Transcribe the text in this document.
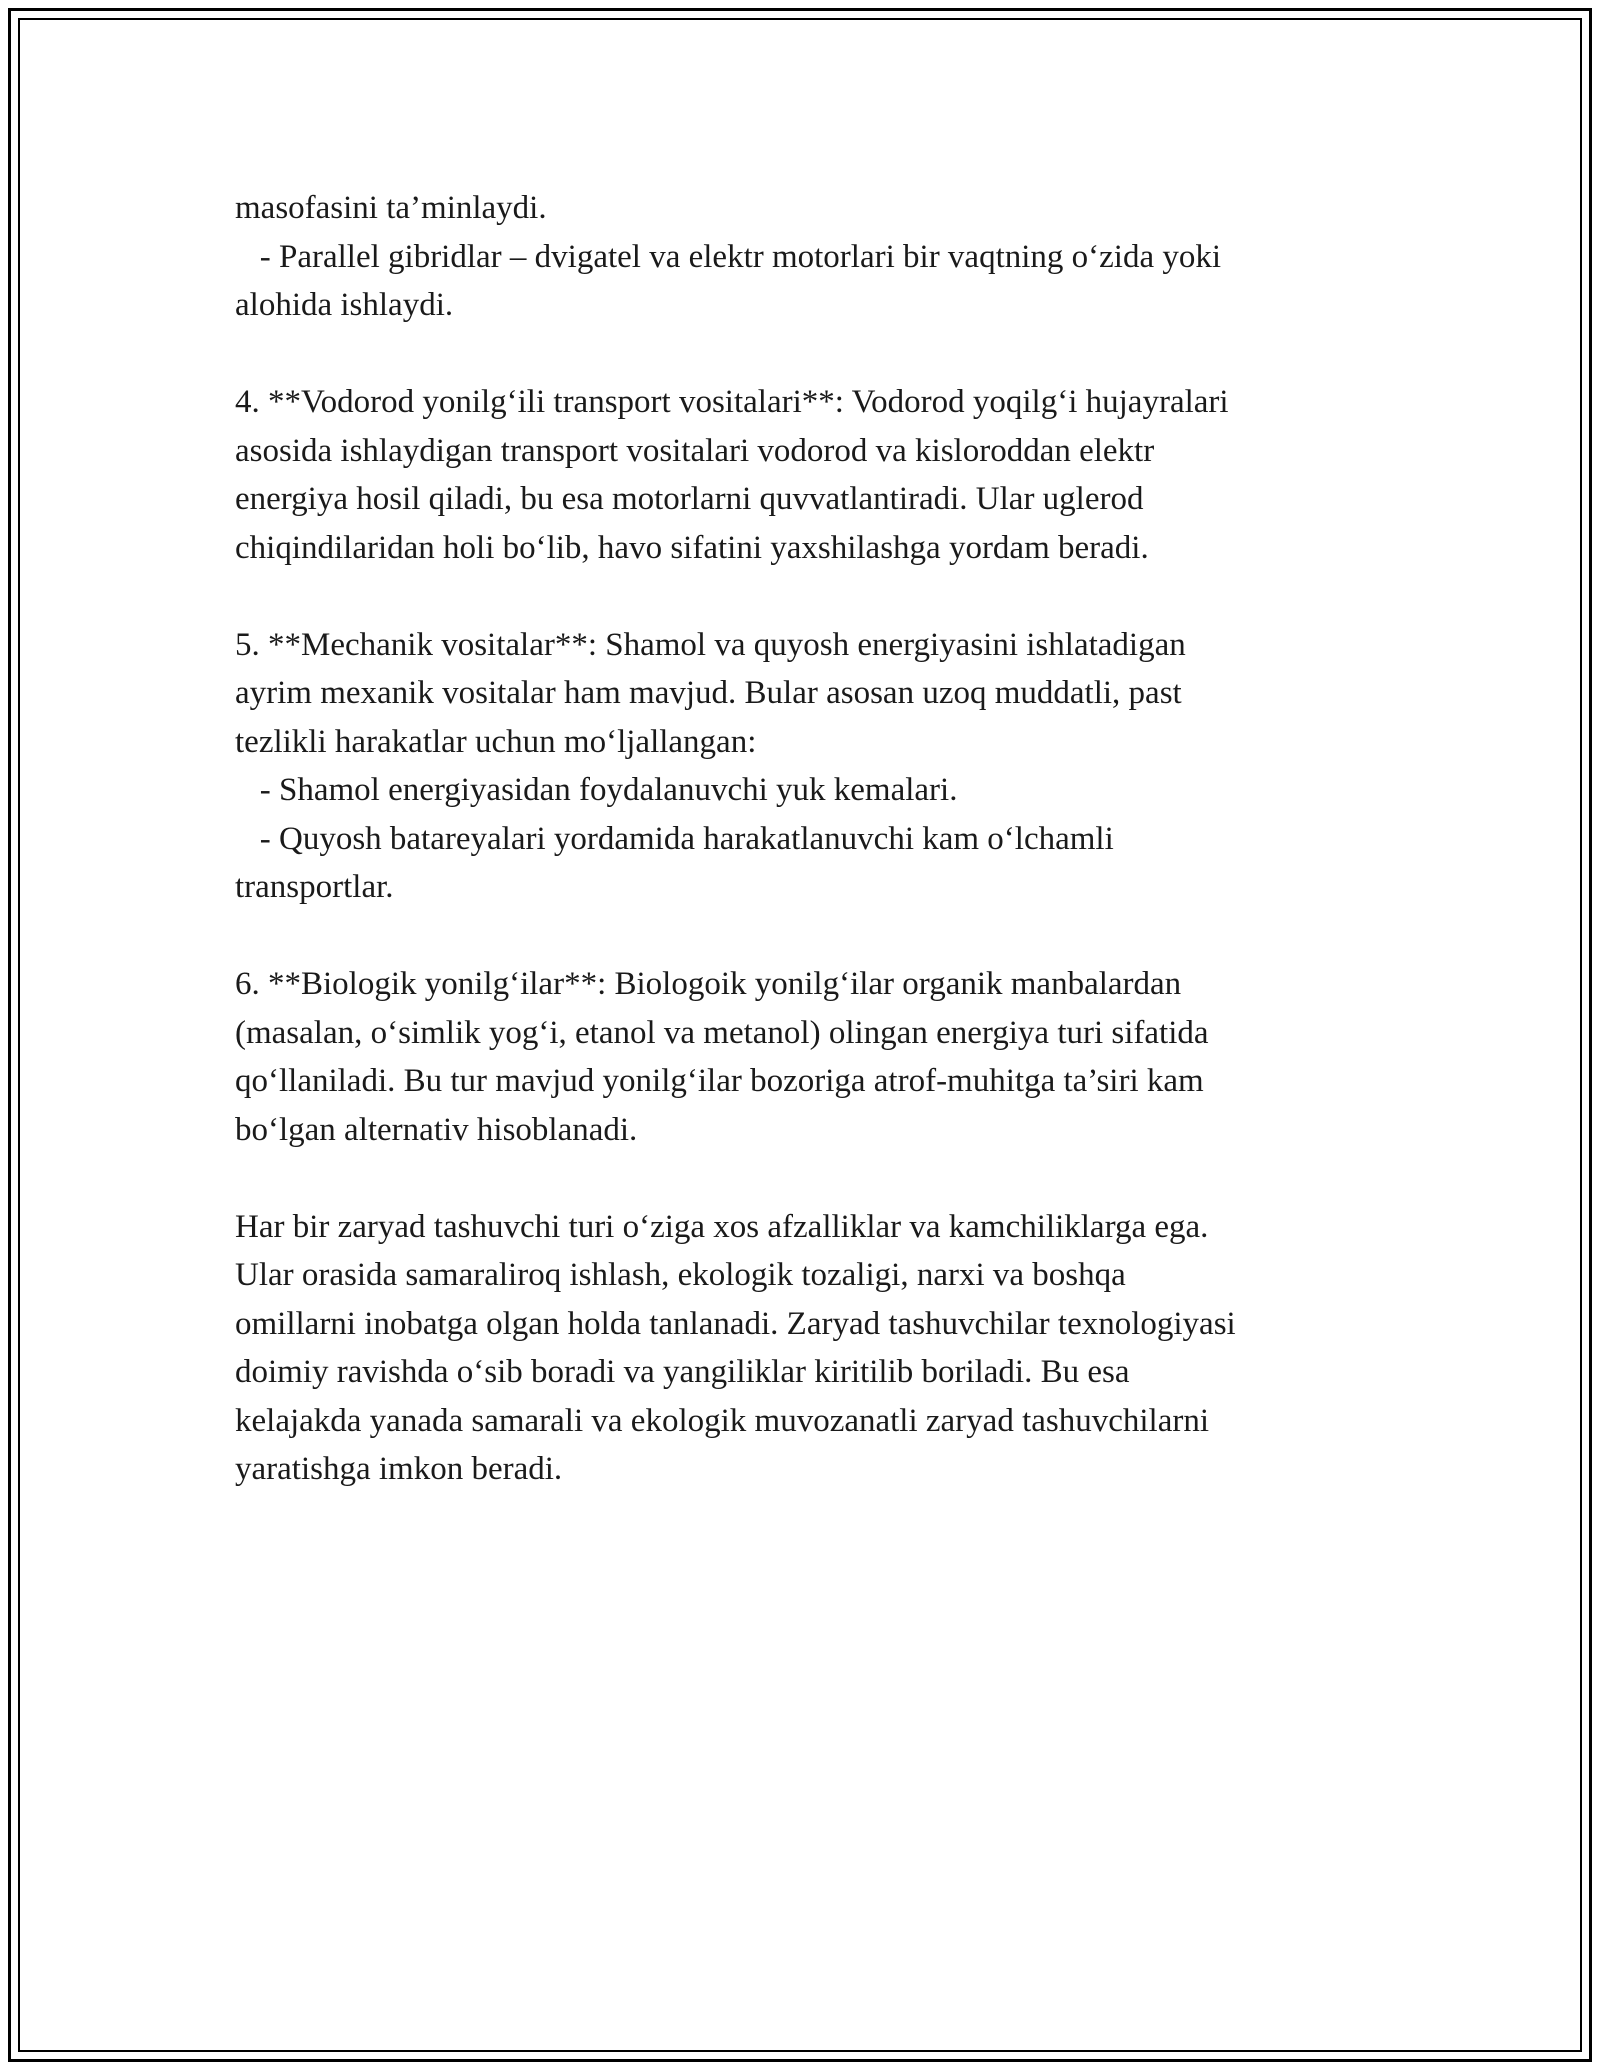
masofasini ta’minlaydi.

- Parallel gibridlar – dvigatel va elektr motorlari bir vaqtning o‘zida yoki

alohida ishlaydi.

4. **Vodorod yonilg‘ili transport vositalari**: Vodorod yoqilg‘i hujayralari

asosida ishlaydigan transport vositalari vodorod va kisloroddan elektr

energiya hosil qiladi, bu esa motorlarni quvvatlantiradi. Ular uglerod

chiqindilaridan holi bo‘lib, havo sifatini yaxshilashga yordam beradi.

5. **Mechanik vositalar**: Shamol va quyosh energiyasini ishlatadigan

ayrim mexanik vositalar ham mavjud. Bular asosan uzoq muddatli, past

tezlikli harakatlar uchun mo‘ljallangan:

- Shamol energiyasidan foydalanuvchi yuk kemalari.

- Quyosh batareyalari yordamida harakatlanuvchi kam o‘lchamli

transportlar.

6. **Biologik yonilg‘ilar**: Biologoik yonilg‘ilar organik manbalardan

(masalan, o‘simlik yog‘i, etanol va metanol) olingan energiya turi sifatida

qo‘llaniladi. Bu tur mavjud yonilg‘ilar bozoriga atrof-muhitga ta’siri kam

bo‘lgan alternativ hisoblanadi.

Har bir zaryad tashuvchi turi o‘ziga xos afzalliklar va kamchiliklarga ega.

Ular orasida samaraliroq ishlash, ekologik tozaligi, narxi va boshqa

omillarni inobatga olgan holda tanlanadi. Zaryad tashuvchilar texnologiyasi

doimiy ravishda o‘sib boradi va yangiliklar kiritilib boriladi. Bu esa

kelajakda yanada samarali va ekologik muvozanatli zaryad tashuvchilarni

yaratishga imkon beradi.
